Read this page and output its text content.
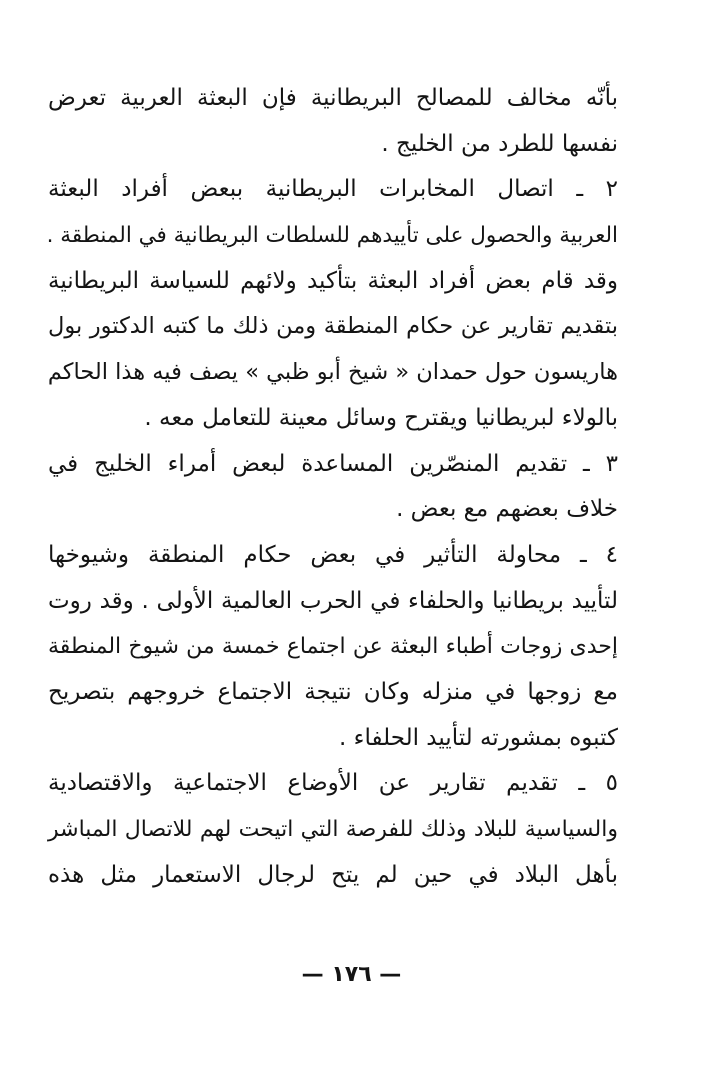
بأنّه مخالف للمصالح البريطانية فإن البعثة العربية تعرض
نفسها للطرد من الخليج .
٢ ـ اتصال المخابرات البريطانية ببعض أفراد البعثة
العربية والحصول على تأييدهم للسلطات البريطانية في المنطقة .
وقد قام بعض أفراد البعثة بتأكيد ولائهم للسياسة البريطانية
بتقديم تقارير عن حكام المنطقة ومن ذلك ما كتبه الدكتور بول
هاريسون حول حمدان « شيخ أبو ظبي » يصف فيه هذا الحاكم
بالولاء لبريطانيا ويقترح وسائل معينة للتعامل معه .
٣ ـ تقديم المنصّرين المساعدة لبعض أمراء الخليج في
خلاف بعضهم مع بعض .
٤ ـ محاولة التأثير في بعض حكام المنطقة وشيوخها
لتأييد بريطانيا والحلفاء في الحرب العالمية الأولى . وقد روت
إحدى زوجات أطباء البعثة عن اجتماع خمسة من شيوخ المنطقة
مع زوجها في منزله وكان نتيجة الاجتماع خروجهم بتصريح
كتبوه بمشورته لتأييد الحلفاء .
٥ ـ تقديم تقارير عن الأوضاع الاجتماعية والاقتصادية
والسياسية للبلاد وذلك للفرصة التي اتيحت لهم للاتصال المباشر
بأهل البلاد في حين لم يتح لرجال الاستعمار مثل هذه
— ١٧٦ —
